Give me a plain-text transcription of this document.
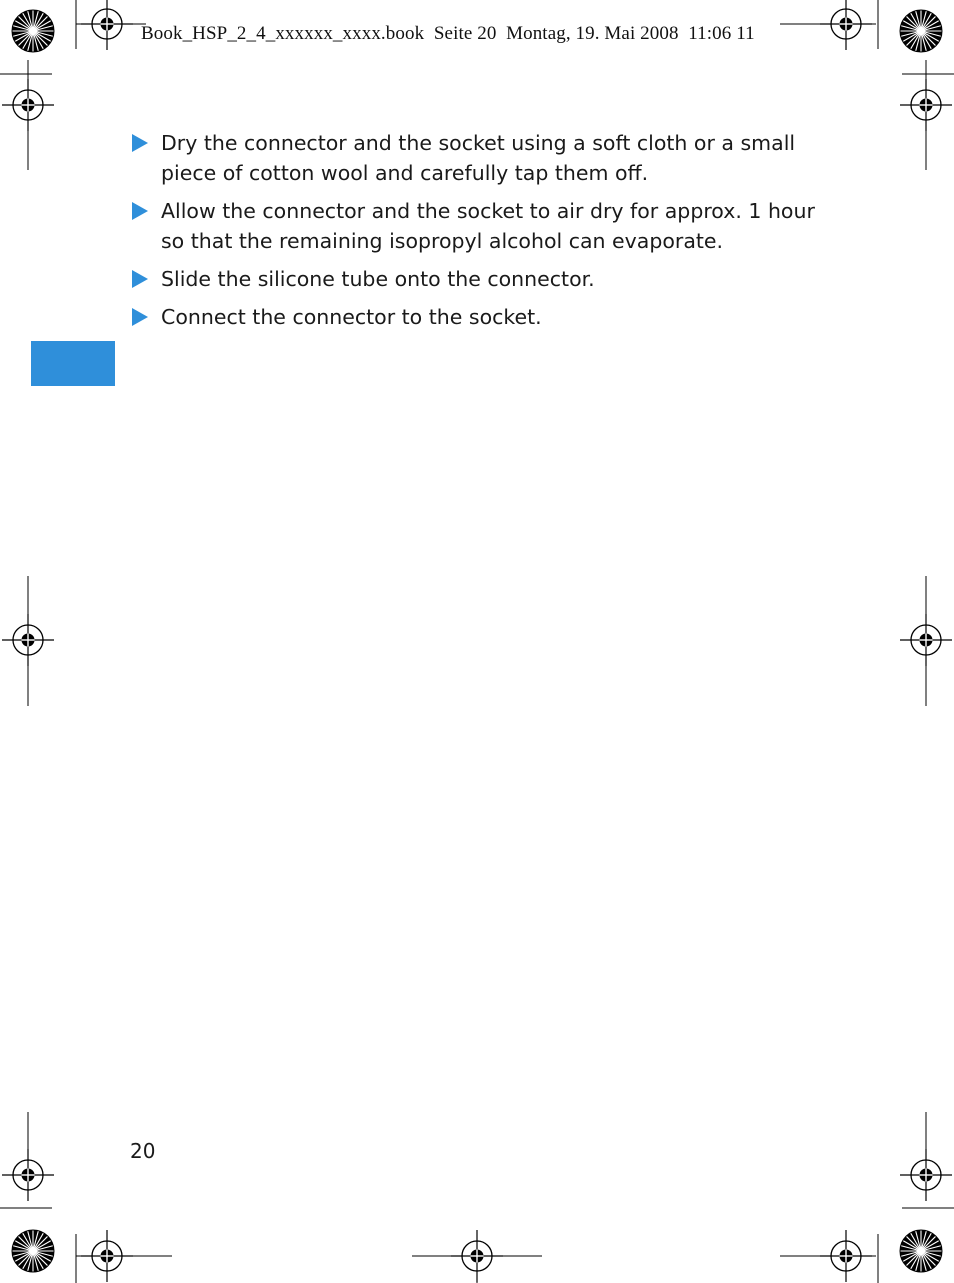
Book_HSP_2_4_xxxxxx_xxxx.book  Seite 20  Montag, 19. Mai 2008  11:06 11
Dry the connector and the socket using a soft cloth or a small piece of cotton wool and carefully tap them off.
Allow the connector and the socket to air dry for approx. 1 hour so that the remaining isopropyl alcohol can evaporate.
Slide the silicone tube onto the connector.
Connect the connector to the socket.
20
